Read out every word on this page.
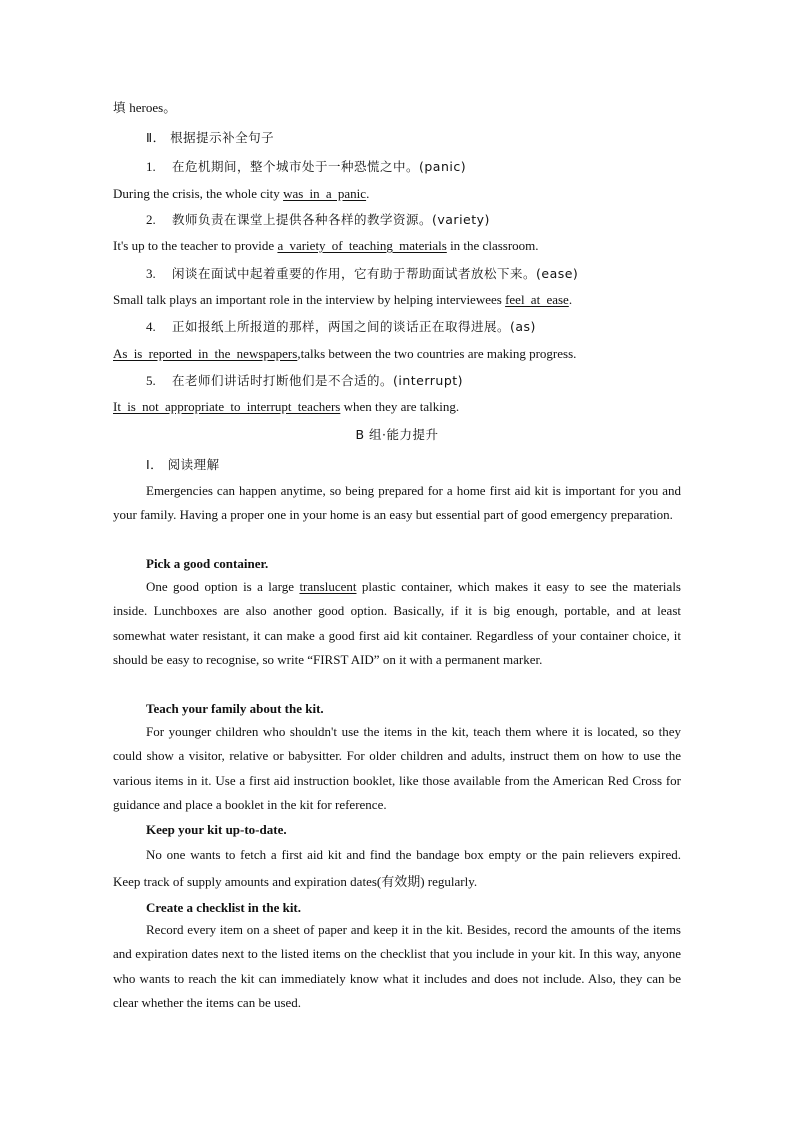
填 heroes。
Ⅱ． 根据提示补全句子
1. 在危机期间，整个城市处于一种恐慌之中。(panic)
During the crisis, the whole city was in a panic.
2. 教师负责在课堂上提供各种各样的教学资源。(variety)
It's up to the teacher to provide a variety of teaching materials in the classroom.
3. 闲谈在面试中起着重要的作用，它有助于帮助面试者放松下来。(ease)
Small talk plays an important role in the interview by helping interviewees feel at ease.
4. 正如报纸上所报道的那样，两国之间的谈话正在取得进展。(as)
As is reported in the newspapers,talks between the two countries are making progress.
5. 在老师们讲话时打断他们是不合适的。(interrupt)
It is not appropriate to interrupt teachers when they are talking.
B 组·能力提升
Ⅰ． 阅读理解
Emergencies can happen anytime, so being prepared for a home first aid kit is important for you and your family. Having a proper one in your home is an easy but essential part of good emergency preparation.
Pick a good container.
One good option is a large translucent plastic container, which makes it easy to see the materials inside. Lunchboxes are also another good option. Basically, if it is big enough, portable, and at least somewhat water resistant, it can make a good first aid kit container. Regardless of your container choice, it should be easy to recognise, so write “FIRST AID” on it with a permanent marker.
Teach your family about the kit.
For younger children who shouldn't use the items in the kit, teach them where it is located, so they could show a visitor, relative or babysitter. For older children and adults, instruct them on how to use the various items in it. Use a first aid instruction booklet, like those available from the American Red Cross for guidance and place a booklet in the kit for reference.
Keep your kit up-to-date.
No one wants to fetch a first aid kit and find the bandage box empty or the pain relievers expired. Keep track of supply amounts and expiration dates(有效期) regularly.
Create a checklist in the kit.
Record every item on a sheet of paper and keep it in the kit. Besides, record the amounts of the items and expiration dates next to the listed items on the checklist that you include in your kit. In this way, anyone who wants to reach the kit can immediately know what it includes and does not include. Also, they can be clear whether the items can be used.
